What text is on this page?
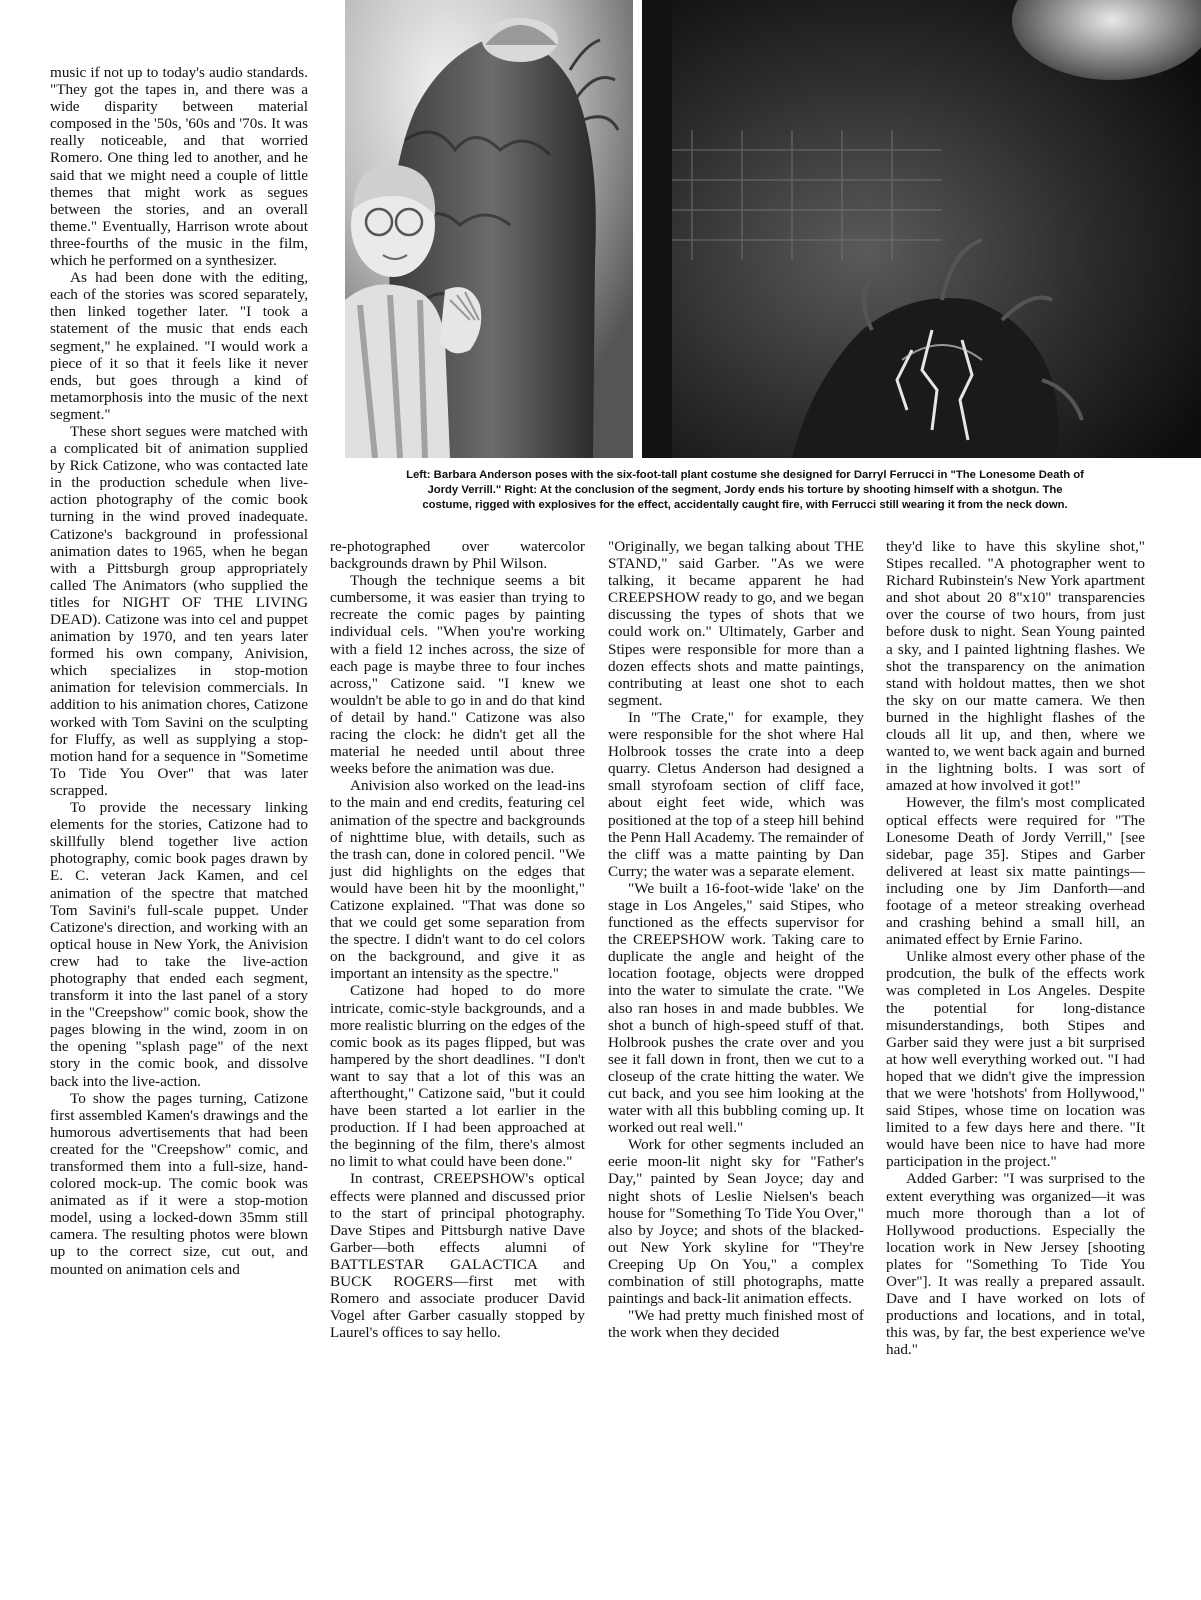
Left: Barbara Anderson poses with the six-foot-tall plant costume she designed for Darryl Ferrucci in "The Lonesome Death of
Jordy Verrill." Right: At the conclusion of the segment, Jordy ends his torture by shooting himself with a shotgun. The
costume, rigged with explosives for the effect, accidentally caught fire, with Ferrucci still wearing it from the neck down.

music if not up to today's audio standards. "They got the tapes in, and there was a wide disparity between material composed in the '50s, '60s and '70s. It was really noticeable, and that worried Romero. One thing led to another, and he said that we might need a couple of little themes that might work as segues between the stories, and an overall theme." Eventually, Harrison wrote about three-fourths of the music in the film, which he performed on a synthesizer.

As had been done with the editing, each of the stories was scored separately, then linked together later. "I took a statement of the music that ends each segment," he explained. "I would work a piece of it so that it feels like it never ends, but goes through a kind of metamorphosis into the music of the next segment."

These short segues were matched with a complicated bit of animation supplied by Rick Catizone, who was contacted late in the production schedule when live-action photography of the comic book turning in the wind proved inadequate. Catizone's background in professional animation dates to 1965, when he began with a Pittsburgh group appropriately called The Animators (who supplied the titles for NIGHT OF THE LIVING DEAD). Catizone was into cel and puppet animation by 1970, and ten years later formed his own company, Anivision, which specializes in stop-motion animation for television commercials. In addition to his animation chores, Catizone worked with Tom Savini on the sculpting for Fluffy, as well as supplying a stop-motion hand for a sequence in "Sometime To Tide You Over" that was later scrapped.

To provide the necessary linking elements for the stories, Catizone had to skillfully blend together live action photography, comic book pages drawn by E. C. veteran Jack Kamen, and cel animation of the spectre that matched Tom Savini's full-scale puppet. Under Catizone's direction, and working with an optical house in New York, the Anivision crew had to take the live-action photography that ended each segment, transform it into the last panel of a story in the "Creepshow" comic book, show the pages blowing in the wind, zoom in on the opening "splash page" of the next story in the comic book, and dissolve back into the live-action.

To show the pages turning, Catizone first assembled Kamen's drawings and the humorous advertisements that had been created for the "Creepshow" comic, and transformed them into a full-size, hand-colored mock-up. The comic book was animated as if it were a stop-motion model, using a locked-down 35mm still camera. The resulting photos were blown up to the correct size, cut out, and mounted on animation cels and

re-photographed over watercolor backgrounds drawn by Phil Wilson.

Though the technique seems a bit cumbersome, it was easier than trying to recreate the comic pages by painting individual cels. "When you're working with a field 12 inches across, the size of each page is maybe three to four inches across," Catizone said. "I knew we wouldn't be able to go in and do that kind of detail by hand." Catizone was also racing the clock: he didn't get all the material he needed until about three weeks before the animation was due.

Anivision also worked on the lead-ins to the main and end credits, featuring cel animation of the spectre and backgrounds of nighttime blue, with details, such as the trash can, done in colored pencil. "We just did highlights on the edges that would have been hit by the moonlight," Catizone explained. "That was done so that we could get some separation from the spectre. I didn't want to do cel colors on the background, and give it as important an intensity as the spectre."

Catizone had hoped to do more intricate, comic-style backgrounds, and a more realistic blurring on the edges of the comic book as its pages flipped, but was hampered by the short deadlines. "I don't want to say that a lot of this was an afterthought," Catizone said, "but it could have been started a lot earlier in the production. If I had been approached at the beginning of the film, there's almost no limit to what could have been done."

In contrast, CREEPSHOW's optical effects were planned and discussed prior to the start of principal photography. Dave Stipes and Pittsburgh native Dave Garber—both effects alumni of BATTLESTAR GALACTICA and BUCK ROGERS—first met with Romero and associate producer David Vogel after Garber casually stopped by Laurel's offices to say hello.

"Originally, we began talking about THE STAND," said Garber. "As we were talking, it became apparent he had CREEPSHOW ready to go, and we began discussing the types of shots that we could work on." Ultimately, Garber and Stipes were responsible for more than a dozen effects shots and matte paintings, contributing at least one shot to each segment.

In "The Crate," for example, they were responsible for the shot where Hal Holbrook tosses the crate into a deep quarry. Cletus Anderson had designed a small styrofoam section of cliff face, about eight feet wide, which was positioned at the top of a steep hill behind the Penn Hall Academy. The remainder of the cliff was a matte painting by Dan Curry; the water was a separate element.

"We built a 16-foot-wide 'lake' on the stage in Los Angeles," said Stipes, who functioned as the effects supervisor for the CREEPSHOW work. Taking care to duplicate the angle and height of the location footage, objects were dropped into the water to simulate the crate. "We also ran hoses in and made bubbles. We shot a bunch of high-speed stuff of that. Holbrook pushes the crate over and you see it fall down in front, then we cut to a closeup of the crate hitting the water. We cut back, and you see him looking at the water with all this bubbling coming up. It worked out real well."

Work for other segments included an eerie moon-lit night sky for "Father's Day," painted by Sean Joyce; day and night shots of Leslie Nielsen's beach house for "Something To Tide You Over," also by Joyce; and shots of the blacked-out New York skyline for "They're Creeping Up On You," a complex combination of still photographs, matte paintings and back-lit animation effects.

"We had pretty much finished most of the work when they decided

they'd like to have this skyline shot," Stipes recalled. "A photographer went to Richard Rubinstein's New York apartment and shot about 20 8"x10" transparencies over the course of two hours, from just before dusk to night. Sean Young painted a sky, and I painted lightning flashes. We shot the transparency on the animation stand with holdout mattes, then we shot the sky on our matte camera. We then burned in the highlight flashes of the clouds all lit up, and then, where we wanted to, we went back again and burned in the lightning bolts. I was sort of amazed at how involved it got!"

However, the film's most complicated optical effects were required for "The Lonesome Death of Jordy Verrill," [see sidebar, page 35]. Stipes and Garber delivered at least six matte paintings—including one by Jim Danforth—and footage of a meteor streaking overhead and crashing behind a small hill, an animated effect by Ernie Farino.

Unlike almost every other phase of the prodcution, the bulk of the effects work was completed in Los Angeles. Despite the potential for long-distance misunderstandings, both Stipes and Garber said they were just a bit surprised at how well everything worked out. "I had hoped that we didn't give the impression that we were 'hotshots' from Hollywood," said Stipes, whose time on location was limited to a few days here and there. "It would have been nice to have had more participation in the project."

Added Garber: "I was surprised to the extent everything was organized—it was much more thorough than a lot of Hollywood productions. Especially the location work in New Jersey [shooting plates for "Something To Tide You Over"]. It was really a prepared assault. Dave and I have worked on lots of productions and locations, and in total, this was, by far, the best experience we've had."
